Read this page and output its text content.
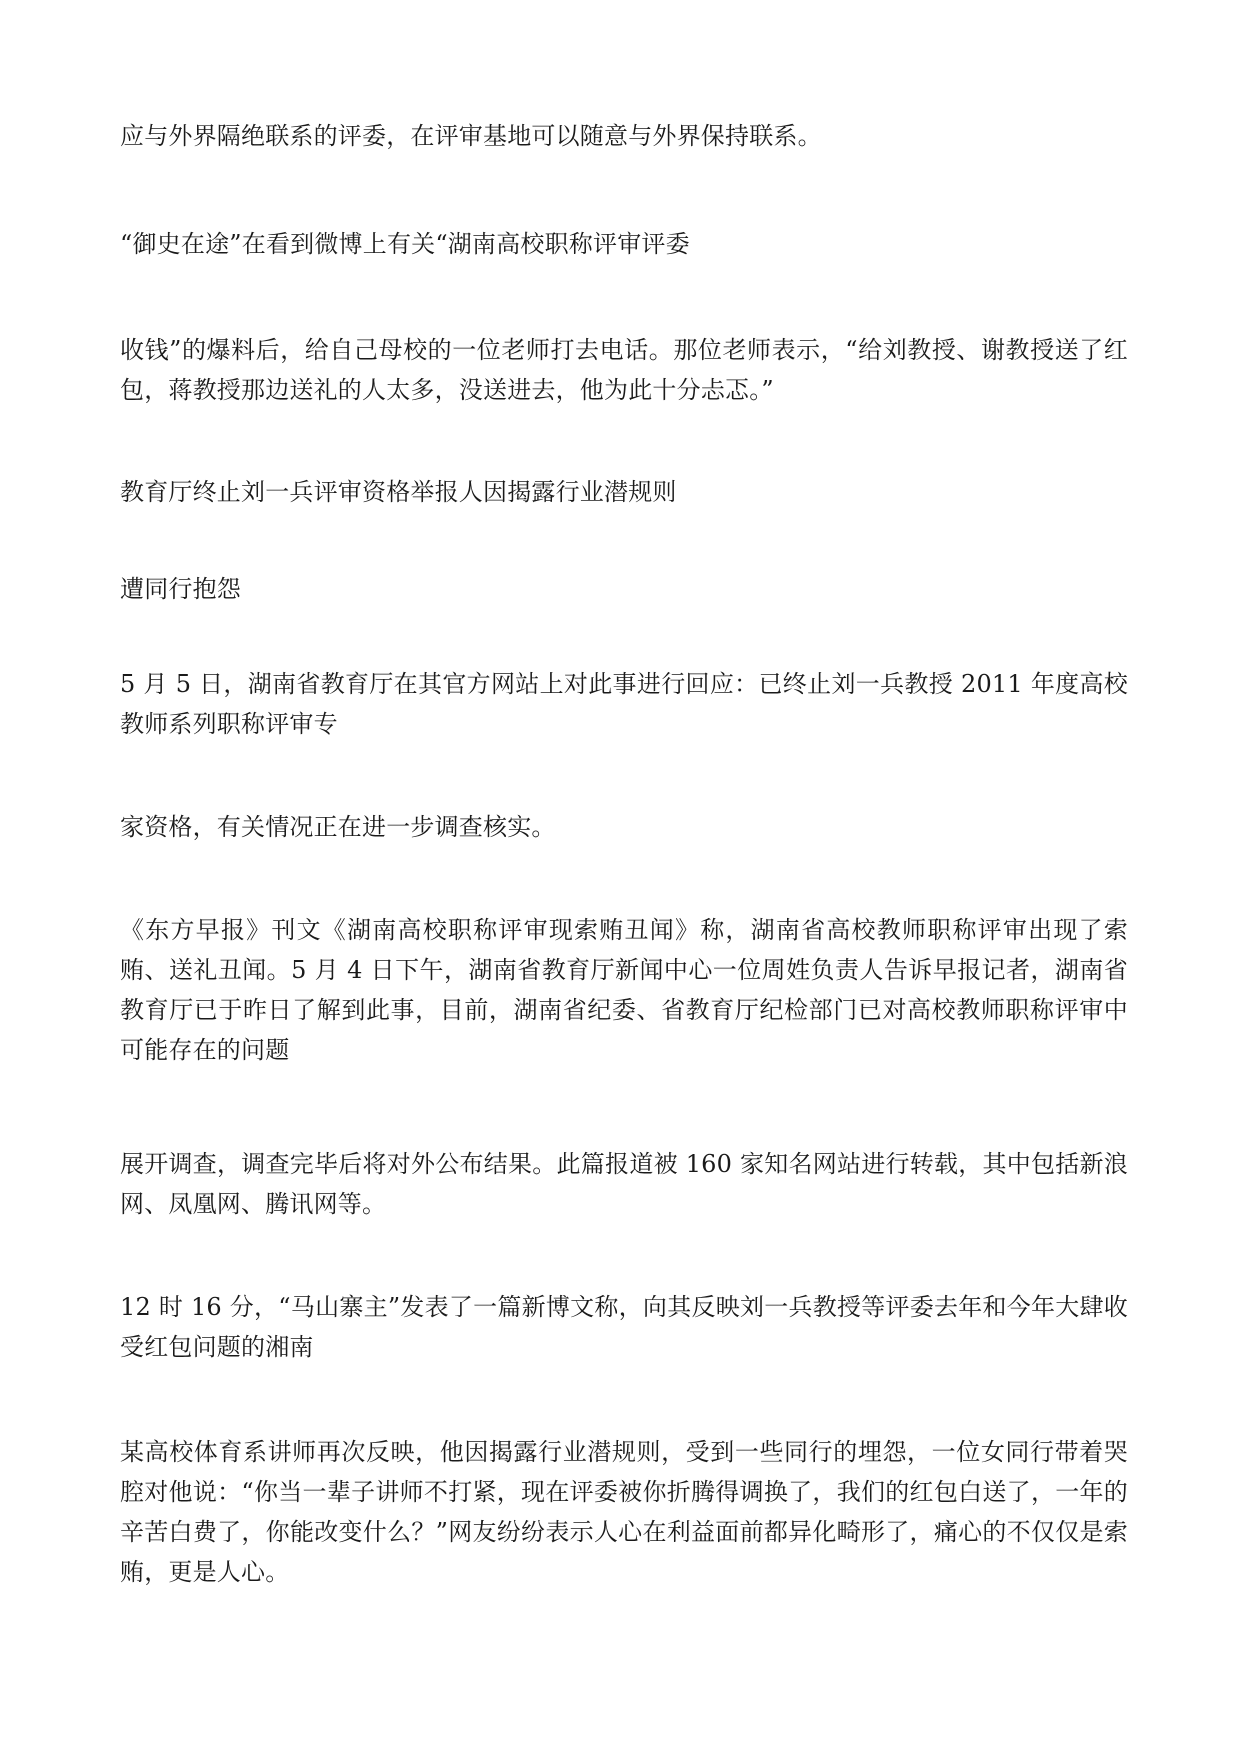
应与外界隔绝联系的评委，在评审基地可以随意与外界保持联系。

“御史在途”在看到微博上有关“湖南高校职称评审评委

收钱”的爆料后，给自己母校的一位老师打去电话。那位老师表示，“给刘教授、谢教授送了红包，蒋教授那边送礼的人太多，没送进去，他为此十分忐忑。”

教育厅终止刘一兵评审资格举报人因揭露行业潜规则

遭同行抱怨

5 月 5 日，湖南省教育厅在其官方网站上对此事进行回应：已终止刘一兵教授 2011 年度高校教师系列职称评审专

家资格，有关情况正在进一步调查核实。

《东方早报》刊文《湖南高校职称评审现索贿丑闻》称，湖南省高校教师职称评审出现了索贿、送礼丑闻。5 月 4 日下午，湖南省教育厅新闻中心一位周姓负责人告诉早报记者，湖南省教育厅已于昨日了解到此事，目前，湖南省纪委、省教育厅纪检部门已对高校教师职称评审中可能存在的问题

展开调查，调查完毕后将对外公布结果。此篇报道被 160 家知名网站进行转载，其中包括新浪网、凤凰网、腾讯网等。

12 时 16 分，“马山寨主”发表了一篇新博文称，向其反映刘一兵教授等评委去年和今年大肆收受红包问题的湘南

某高校体育系讲师再次反映，他因揭露行业潜规则，受到一些同行的埋怨，一位女同行带着哭腔对他说：“你当一辈子讲师不打紧，现在评委被你折腾得调换了，我们的红包白送了，一年的辛苦白费了，你能改变什么？”网友纷纷表示人心在利益面前都异化畸形了，痛心的不仅仅是索贿，更是人心。
